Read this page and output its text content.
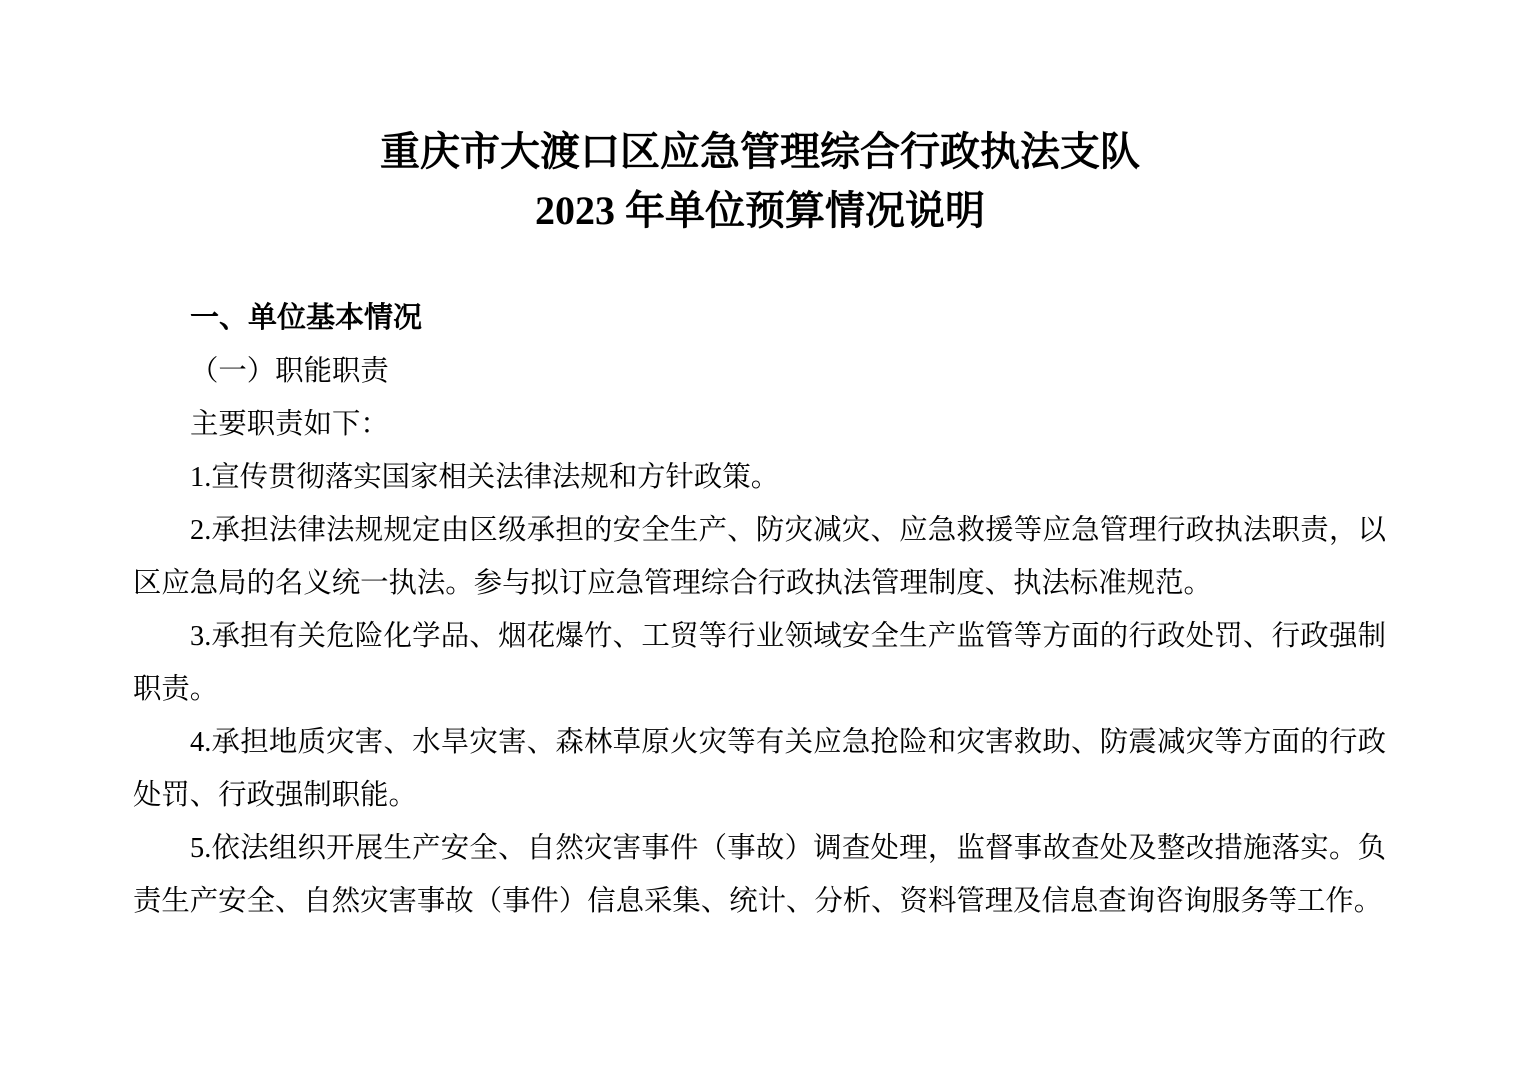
重庆市大渡口区应急管理综合行政执法支队
2023 年单位预算情况说明
一、单位基本情况
（一）职能职责

主要职责如下：

1.宣传贯彻落实国家相关法律法规和方针政策。

2.承担法律法规规定由区级承担的安全生产、防灾减灾、应急救援等应急管理行政执法职责，以区应急局的名义统一执法。参与拟订应急管理综合行政执法管理制度、执法标准规范。

3.承担有关危险化学品、烟花爆竹、工贸等行业领域安全生产监管等方面的行政处罚、行政强制职责。

4.承担地质灾害、水旱灾害、森林草原火灾等有关应急抢险和灾害救助、防震减灾等方面的行政处罚、行政强制职能。

5.依法组织开展生产安全、自然灾害事件（事故）调查处理，监督事故查处及整改措施落实。负责生产安全、自然灾害事故（事件）信息采集、统计、分析、资料管理及信息查询咨询服务等工作。
